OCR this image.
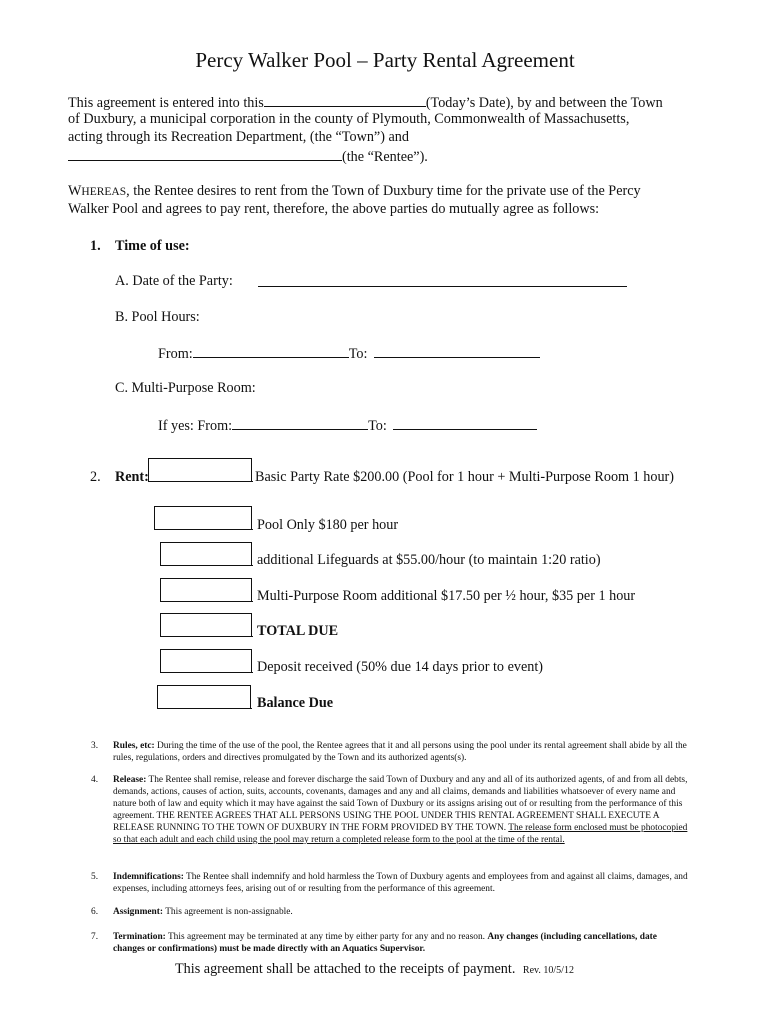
Percy Walker Pool – Party Rental Agreement
This agreement is entered into this	(Today’s Date), by and between the Town
of Duxbury, a municipal corporation in the county of Plymouth, Commonwealth of Massachusetts,
acting through its Recreation Department, (the “Town”) and
(the “Rentee”).
WHEREAS, the Rentee desires to rent from the Town of Duxbury time for the private use of the Percy
Walker Pool and agrees to pay rent, therefore, the above parties do mutually agree as follows:
1. Time of use:
A. Date of the Party:
B. Pool Hours:
From:	To:
C. Multi-Purpose Room:
If yes: From:	To:
2. Rent:	Basic Party Rate $200.00 (Pool for 1 hour + Multi-Purpose Room 1 hour)
Pool Only $180 per hour
additional Lifeguards at $55.00/hour (to maintain 1:20 ratio)
Multi-Purpose Room additional $17.50 per ½ hour, $35 per 1 hour
TOTAL DUE
Deposit received (50% due 14 days prior to event)
Balance Due
3. Rules, etc: During the time of the use of the pool, the Rentee agrees that it and all persons using the pool under its rental agreement shall abide by all the rules, regulations, orders and directives promulgated by the Town and its authorized agents(s).
4. Release: The Rentee shall remise, release and forever discharge the said Town of Duxbury and any and all of its authorized agents, of and from all debts, demands, actions, causes of action, suits, accounts, covenants, damages and any and all claims, demands and liabilities whatsoever of every name and nature both of law and equity which it may have against the said Town of Duxbury or its assigns arising out of or resulting from the performance of this agreement. THE RENTEE AGREES THAT ALL PERSONS USING THE POOL UNDER THIS RENTAL AGREEMENT SHALL EXECUTE A RELEASE RUNNING TO THE TOWN OF DUXBURY IN THE FORM PROVIDED BY THE TOWN. The release form enclosed must be photocopied so that each adult and each child using the pool may return a completed release form to the pool at the time of the rental.
5. Indemnifications: The Rentee shall indemnify and hold harmless the Town of Duxbury agents and employees from and against all claims, damages, and expenses, including attorneys fees, arising out of or resulting from the performance of this agreement.
6. Assignment: This agreement is non-assignable.
7. Termination: This agreement may be terminated at any time by either party for any and no reason. Any changes (including cancellations, date changes or confirmations) must be made directly with an Aquatics Supervisor.
This agreement shall be attached to the receipts of payment. Rev. 10/5/12
